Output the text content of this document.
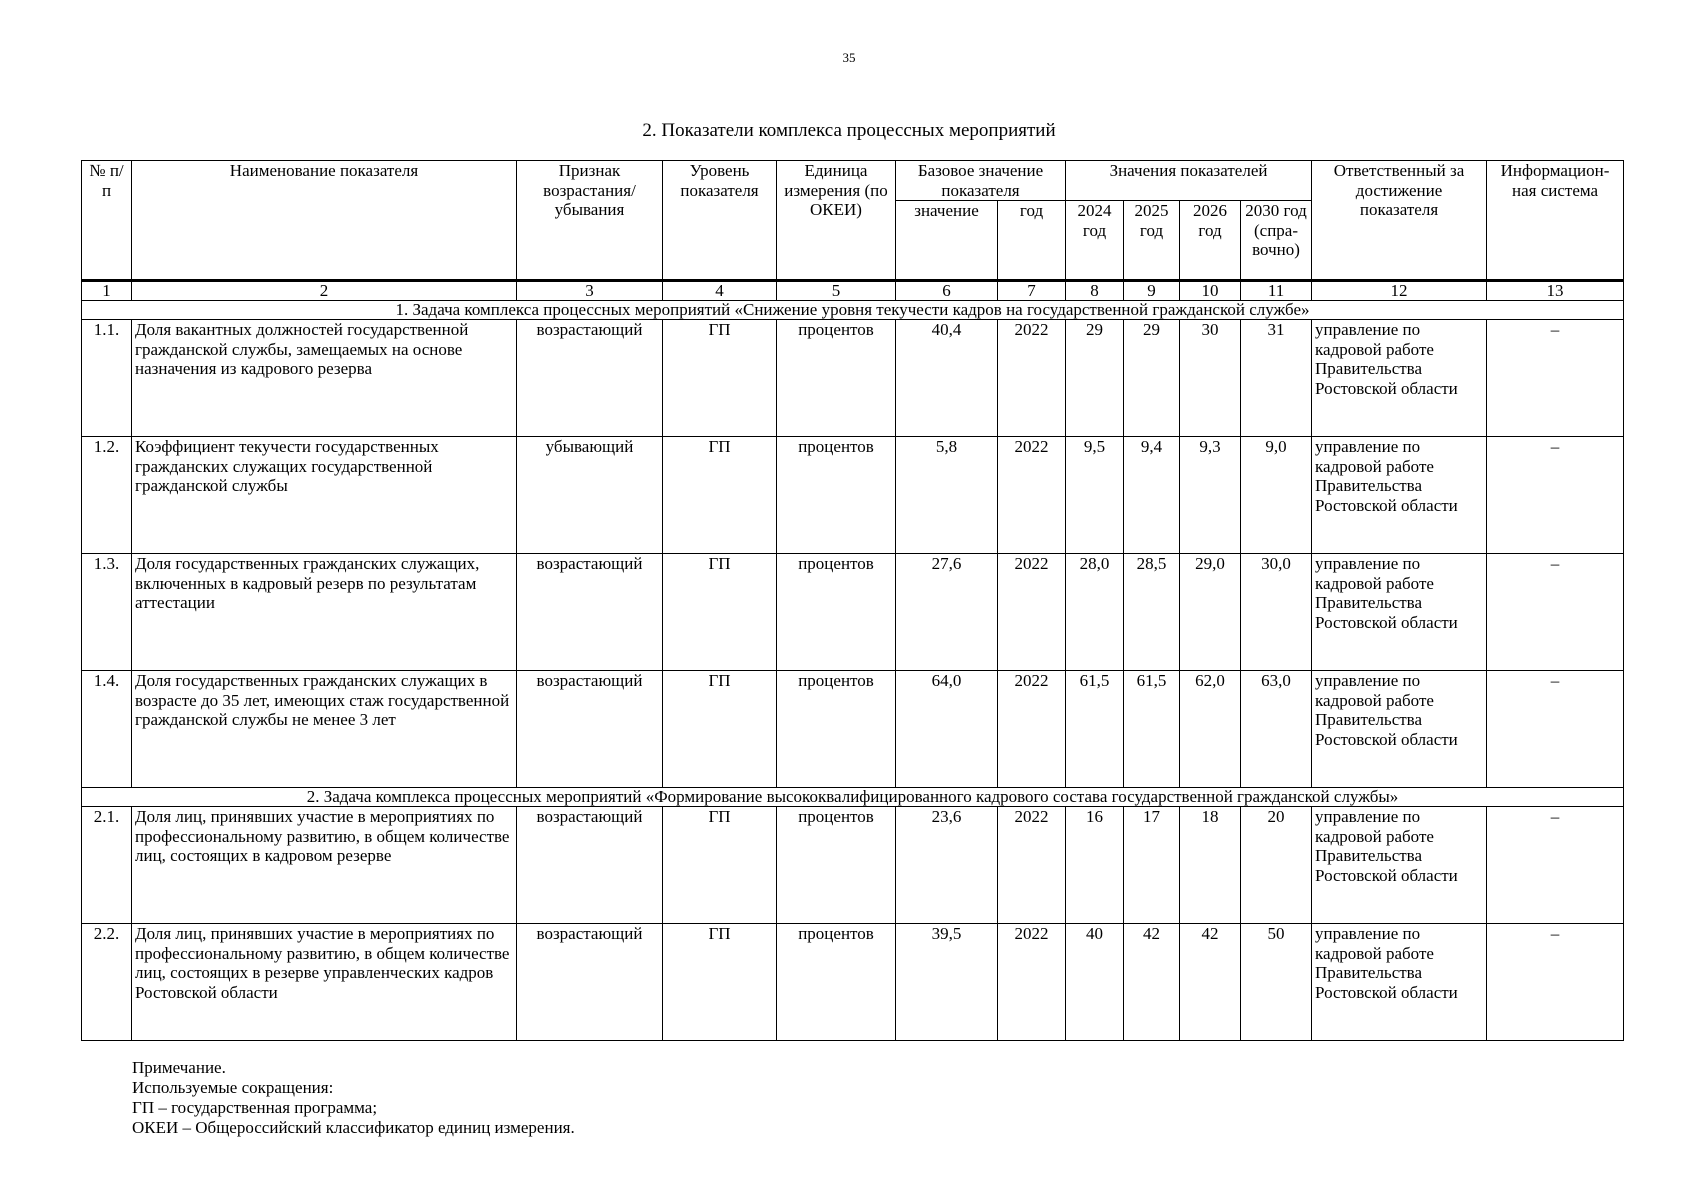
35
2. Показатели комплекса процессных мероприятий
№ п/п	Наименование показателя	Признак возрастания/ убывания	Уровень показателя	Единица измерения (по ОКЕИ)	Базовое значение показателя		Значения показателей				Ответственный за достижение показателя	Информацион-ная система
					значение	год	2024 год	2025 год	2026 год	2030 год (спра-вочно)		
1	2	3	4	5	6	7	8	9	10	11	12	13
1. Задача комплекса процессных мероприятий «Снижение уровня текучести кадров на государственной гражданской службе»												
1.1.	Доля вакантных должностей государственной гражданской службы, замещаемых на основе назначения из кадрового резерва	возрастающий	ГП	процентов	40,4	2022	29	29	30	31	управление по кадровой работе Правительства Ростовской области	–
1.2.	Коэффициент текучести государственных гражданских служащих государственной гражданской службы	убывающий	ГП	процентов	5,8	2022	9,5	9,4	9,3	9,0	управление по кадровой работе Правительства Ростовской области	–
1.3.	Доля государственных гражданских служащих, включенных в кадровый резерв по результатам аттестации	возрастающий	ГП	процентов	27,6	2022	28,0	28,5	29,0	30,0	управление по кадровой работе Правительства Ростовской области	–
1.4.	Доля государственных гражданских служащих в возрасте до 35 лет, имеющих стаж государственной гражданской службы не менее 3 лет	возрастающий	ГП	процентов	64,0	2022	61,5	61,5	62,0	63,0	управление по кадровой работе Правительства Ростовской области	–
2. Задача комплекса процессных мероприятий «Формирование высококвалифицированного кадрового состава государственной гражданской службы»												
2.1.	Доля лиц, принявших участие в мероприятиях по профессиональному развитию, в общем количестве лиц, состоящих в кадровом резерве	возрастающий	ГП	процентов	23,6	2022	16	17	18	20	управление по кадровой работе Правительства Ростовской области	–
2.2.	Доля лиц, принявших участие в мероприятиях по профессиональному развитию, в общем количестве лиц, состоящих в резерве управленческих кадров Ростовской области	возрастающий	ГП	процентов	39,5	2022	40	42	42	50	управление по кадровой работе Правительства Ростовской области	–
Примечание.
Используемые сокращения:
ГП – государственная программа;
ОКЕИ – Общероссийский классификатор единиц измерения.
